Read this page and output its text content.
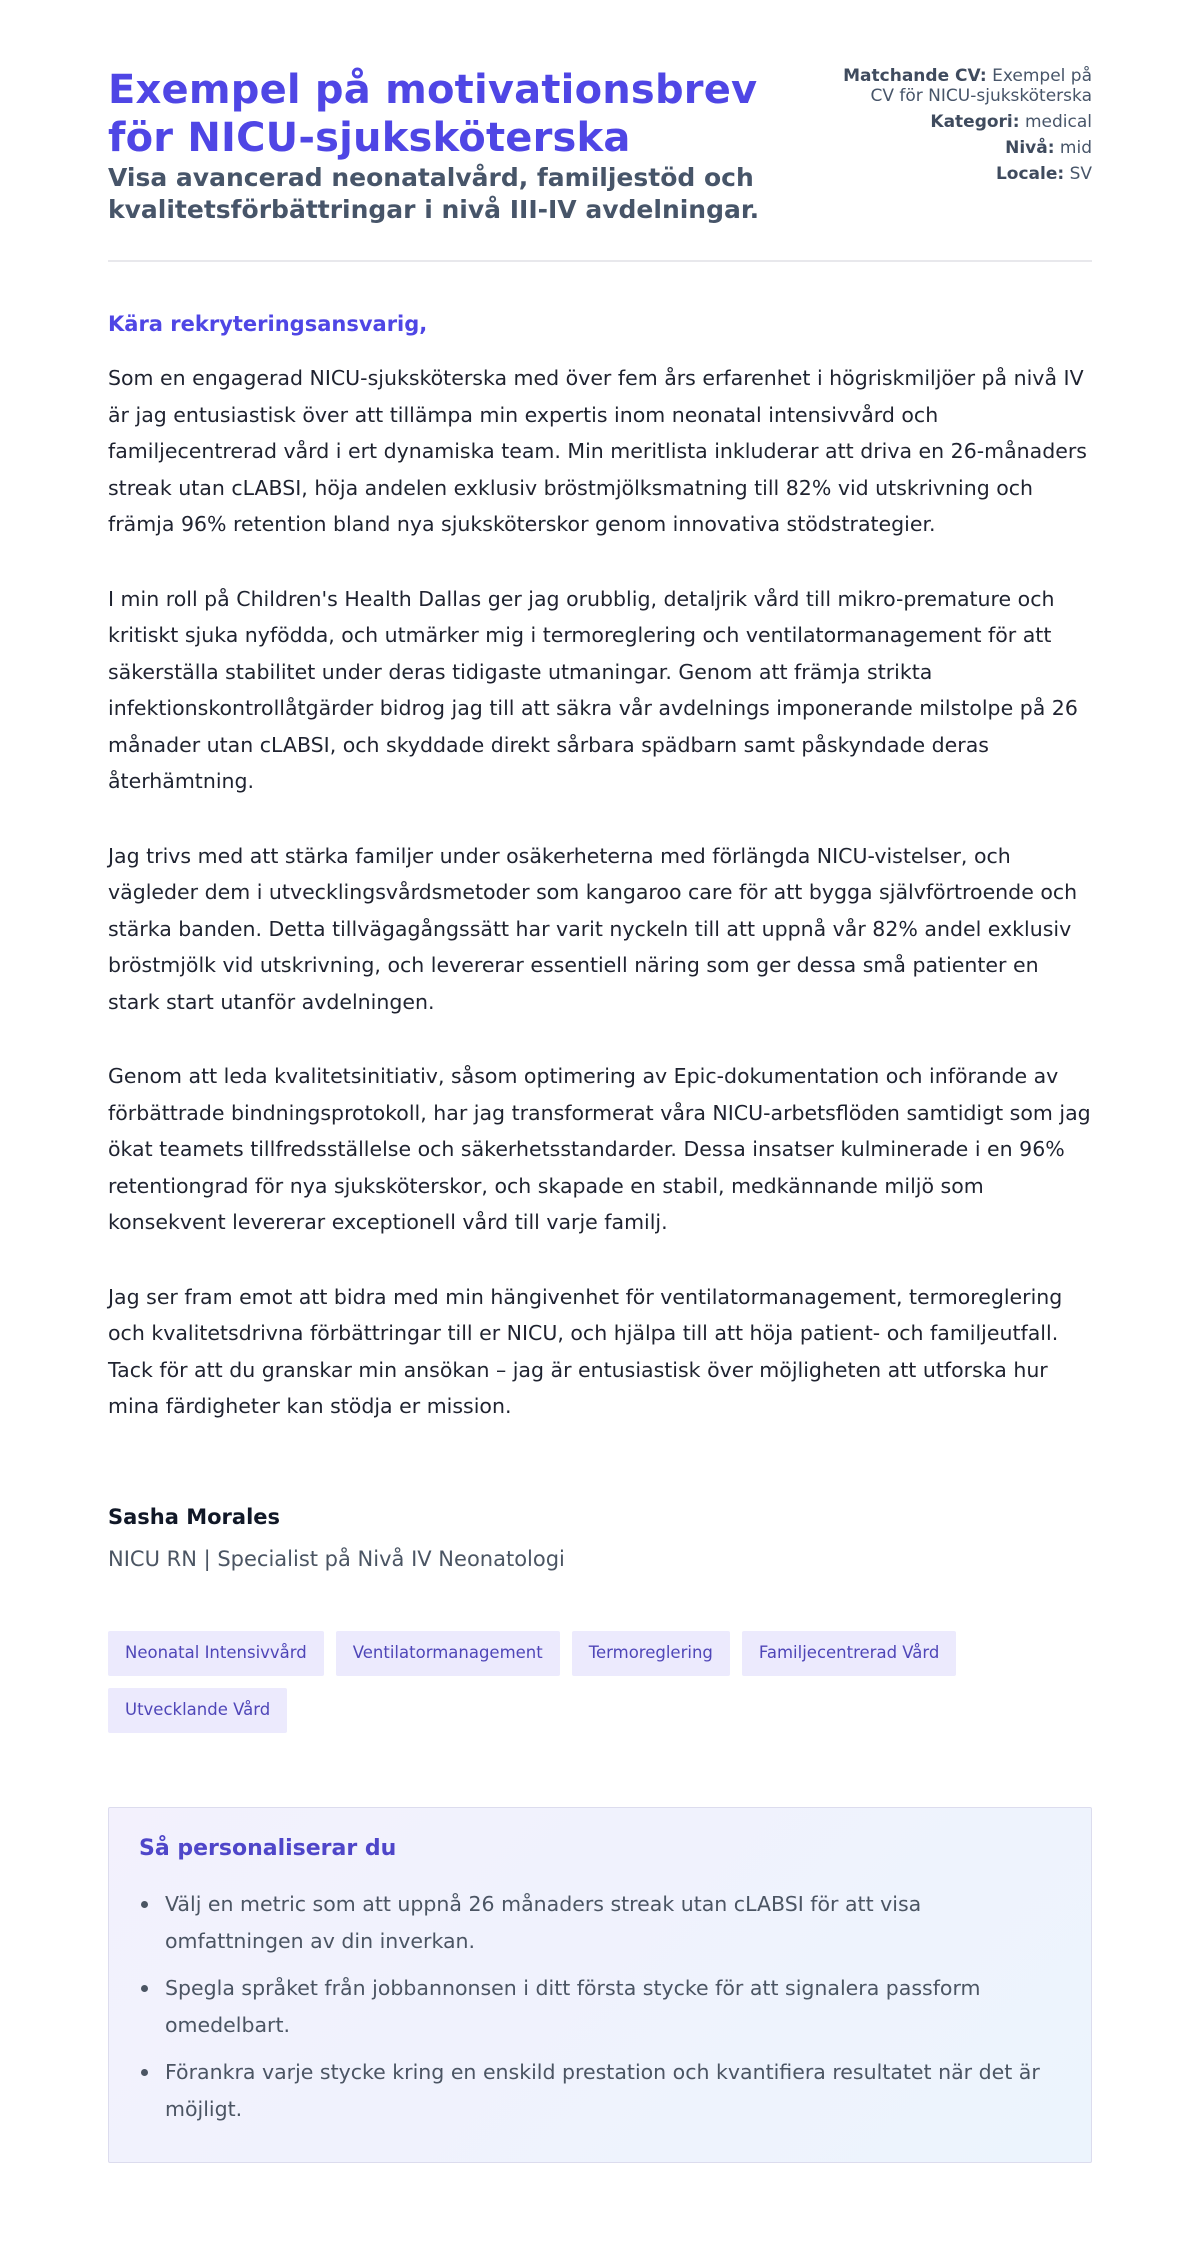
Exempel på motivationsbrev för NICU-sjuksköterska
Visa avancerad neonatalvård, familjestöd och kvalitetsförbättringar i nivå III-IV avdelningar.
Matchande CV: Exempel på CV för NICU-sjuksköterska
Kategori: medical
Nivå: mid
Locale: SV

Kära rekryteringsansvarig,

Som en engagerad NICU-sjuksköterska med över fem års erfarenhet i högriskmiljöer på nivå IV är jag entusiastisk över att tillämpa min expertis inom neonatal intensivvård och familjecentrerad vård i ert dynamiska team. Min meritlista inkluderar att driva en 26-månaders streak utan cLABSI, höja andelen exklusiv bröstmjölksmatning till 82% vid utskrivning och främja 96% retention bland nya sjuksköterskor genom innovativa stödstrategier.

I min roll på Children's Health Dallas ger jag orubblig, detaljrik vård till mikro-premature och kritiskt sjuka nyfödda, och utmärker mig i termoreglering och ventilatormanagement för att säkerställa stabilitet under deras tidigaste utmaningar. Genom att främja strikta infektionskontrollåtgärder bidrog jag till att säkra vår avdelnings imponerande milstolpe på 26 månader utan cLABSI, och skyddade direkt sårbara spädbarn samt påskyndade deras återhämtning.

Jag trivs med att stärka familjer under osäkerheterna med förlängda NICU-vistelser, och vägleder dem i utvecklingsvårdsmetoder som kangaroo care för att bygga självförtroende och stärka banden. Detta tillvägagångssätt har varit nyckeln till att uppnå vår 82% andel exklusiv bröstmjölk vid utskrivning, och levererar essentiell näring som ger dessa små patienter en stark start utanför avdelningen.

Genom att leda kvalitetsinitiativ, såsom optimering av Epic-dokumentation och införande av förbättrade bindningsprotokoll, har jag transformerat våra NICU-arbetsflöden samtidigt som jag ökat teamets tillfredsställelse och säkerhetsstandarder. Dessa insatser kulminerade i en 96% retentiongrad för nya sjuksköterskor, och skapade en stabil, medkännande miljö som konsekvent levererar exceptionell vård till varje familj.

Jag ser fram emot att bidra med min hängivenhet för ventilatormanagement, termoreglering och kvalitetsdrivna förbättringar till er NICU, och hjälpa till att höja patient- och familjeutfall. Tack för att du granskar min ansökan – jag är entusiastisk över möjligheten att utforska hur mina färdigheter kan stödja er mission.

Sasha Morales
NICU RN | Specialist på Nivå IV Neonatologi
Neonatal Intensivvård	Ventilatormanagement	Termoreglering	Familjecentrerad Vård
Utvecklande Vård
Så personaliserar du
Välj en metric som att uppnå 26 månaders streak utan cLABSI för att visa omfattningen av din inverkan.
Spegla språket från jobbannonsen i ditt första stycke för att signalera passform omedelbart.
Förankra varje stycke kring en enskild prestation och kvantifiera resultatet när det är möjligt.
